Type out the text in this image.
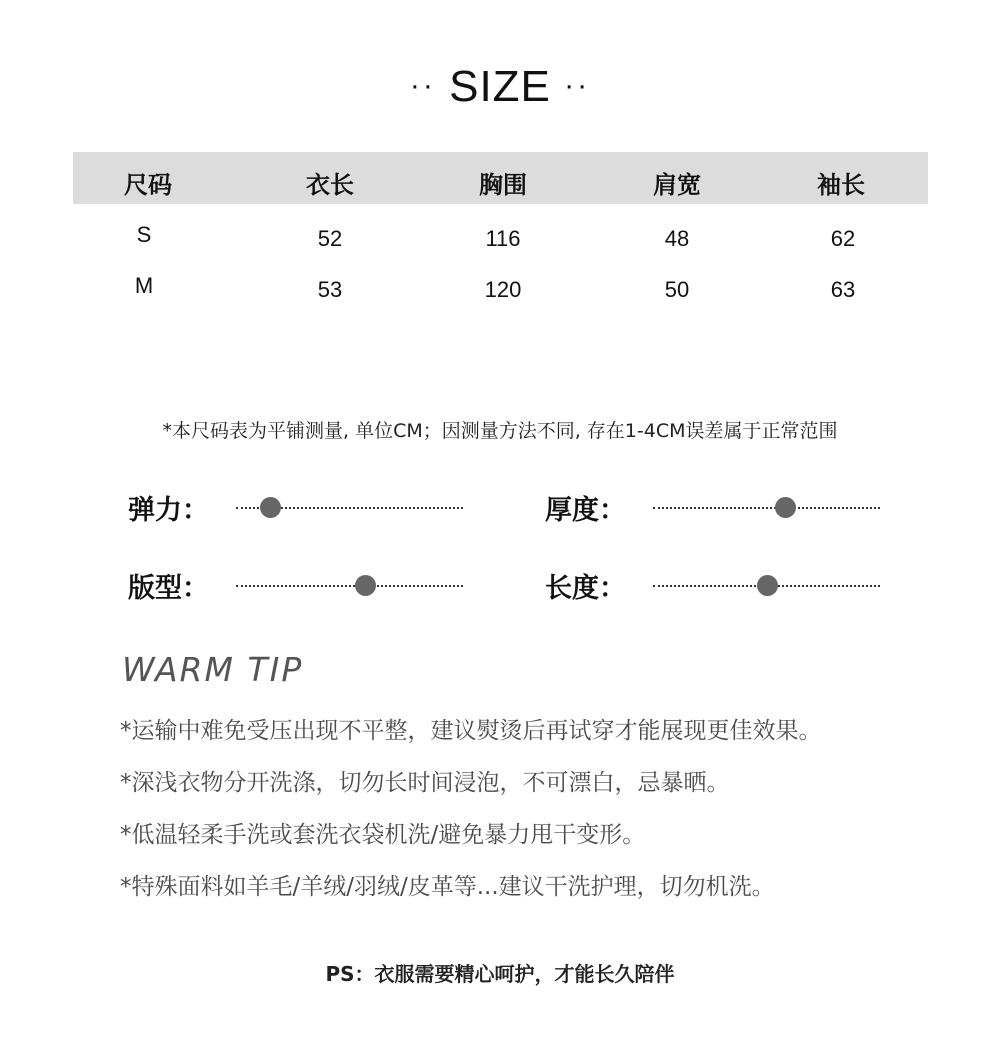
·· SIZE ··
尺码	衣长	胸围	肩宽	袖长
S	52	116	48	62
M	53	120	50	63
*本尺码表为平铺测量, 单位CM；因测量方法不同, 存在1-4CM误差属于正常范围
弹力：	厚度：
版型：	长度：
WARM TIP
*运输中难免受压出现不平整，建议熨烫后再试穿才能展现更佳效果。
*深浅衣物分开洗涤，切勿长时间浸泡，不可漂白，忌暴晒。
*低温轻柔手洗或套洗衣袋机洗/避免暴力甩干变形。
*特殊面料如羊毛/羊绒/羽绒/皮革等...建议干洗护理，切勿机洗。
PS：衣服需要精心呵护，才能长久陪伴
